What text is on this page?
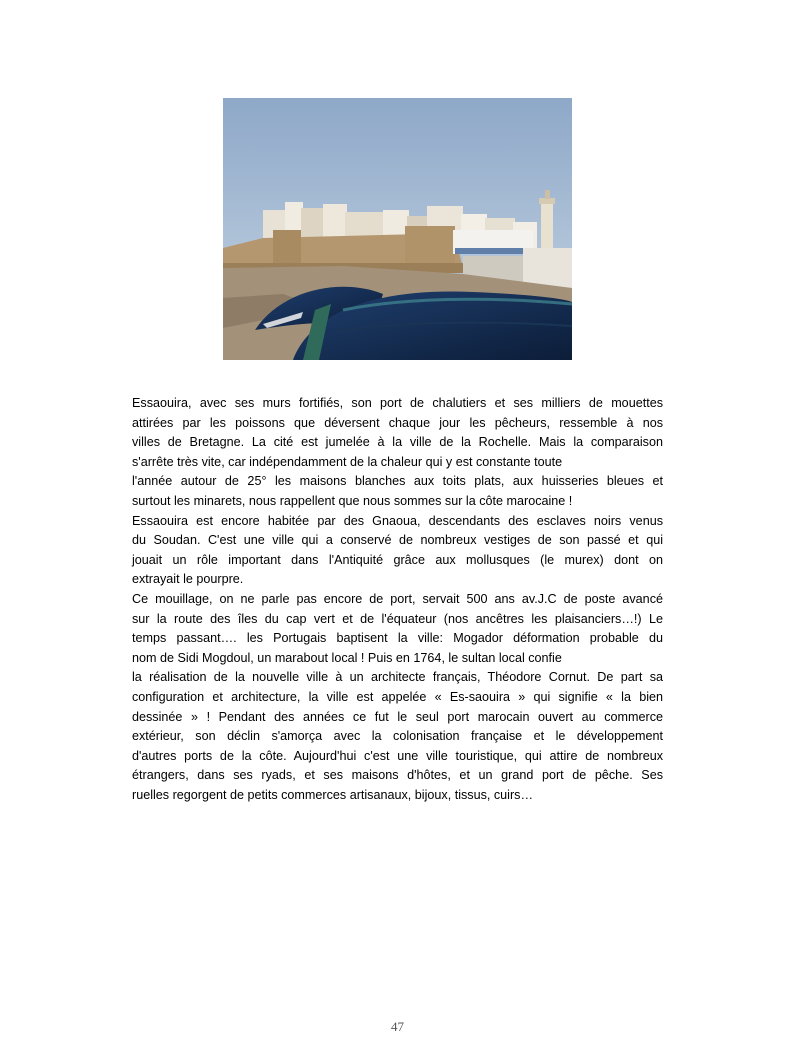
Essaouira, avec ses murs fortifiés, son port de chalutiers et ses milliers de mouettes
attirées par les poissons que déversent chaque jour les pêcheurs, ressemble à nos
villes de Bretagne. La cité est jumelée à la ville de la Rochelle. Mais la comparaison
s'arrête très vite, car indépendamment de la chaleur qui y est constante toute
l'année autour de 25° les maisons blanches aux toits plats, aux huisseries bleues et
surtout les minarets, nous rappellent que nous sommes sur la côte marocaine !
Essaouira est encore habitée par des Gnaoua, descendants des esclaves noirs venus
du Soudan. C'est une ville qui a conservé de nombreux vestiges de son passé et qui
jouait un rôle important dans l'Antiquité grâce aux mollusques (le murex) dont on
extrayait le pourpre.
Ce mouillage, on ne parle pas encore de port, servait 500 ans av.J.C de poste avancé
sur la route des îles du cap vert et de l'équateur (nos ancêtres les plaisanciers…!) Le
temps passant…. les Portugais baptisent la ville: Mogador déformation probable du
nom de Sidi Mogdoul, un marabout local ! Puis en 1764, le sultan local confie
la réalisation de la nouvelle ville à un architecte français, Théodore Cornut. De part sa
configuration et architecture, la ville est appelée « Es-saouira » qui signifie « la bien
dessinée » ! Pendant des années ce fut le seul port marocain ouvert au commerce
extérieur, son déclin s'amorça avec la colonisation française et le développement
d'autres ports de la côte. Aujourd'hui c'est une ville touristique, qui attire de nombreux
étrangers, dans ses ryads, et ses maisons d'hôtes, et un grand port de pêche. Ses
ruelles regorgent de petits commerces artisanaux, bijoux, tissus, cuirs…
47
